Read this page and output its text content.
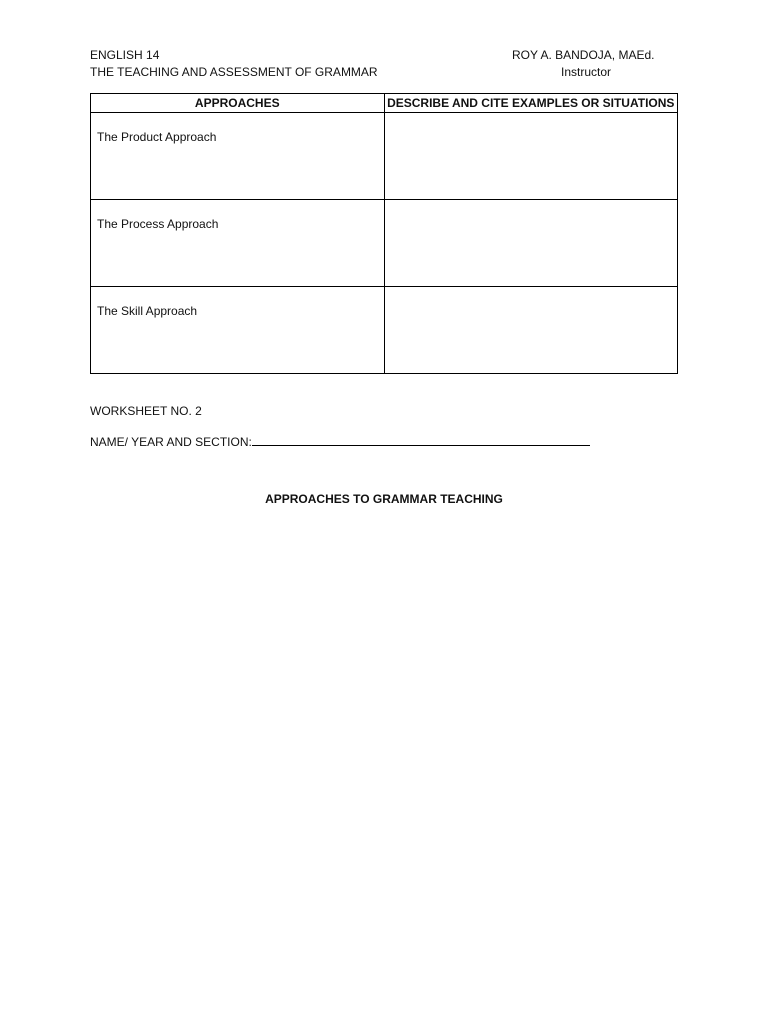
ENGLISH 14
THE TEACHING AND ASSESSMENT OF GRAMMAR
ROY A. BANDOJA, MAEd.
Instructor
APPROACHES	DESCRIBE AND CITE EXAMPLES OR SITUATIONS

The Product Approach	

The Process Approach	

The Skill Approach	

WORKSHEET NO. 2
NAME/ YEAR AND SECTION:
APPROACHES TO GRAMMAR TEACHING
